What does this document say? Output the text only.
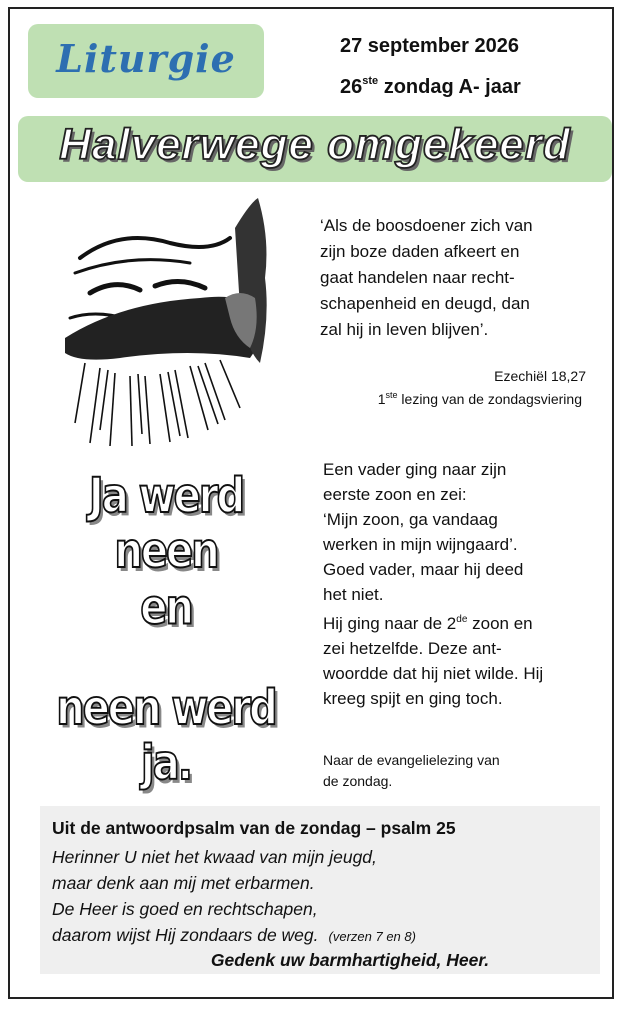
Liturgie	27 september 2026
26ste zondag A- jaar
Halverwege omgekeerd
‘Als de boosdoener zich van
zijn boze daden afkeert en
gaat handelen naar recht-
schapenheid en deugd, dan
zal hij in leven blijven’.
Ezechiël 18,27
1ste lezing van de zondagsviering
Ja werd neen
en
neen werd ja.
Een vader ging naar zijn
eerste zoon en zei:
‘Mijn zoon, ga vandaag
werken in mijn wijngaard’.
Goed vader, maar hij deed
het niet.
Hij ging naar de 2de zoon en
zei hetzelfde. Deze ant-
woordde dat hij niet wilde. Hij
kreeg spijt en ging toch.
Naar de evangelielezing van
de zondag.
Uit de antwoordpsalm van de zondag – psalm 25
Herinner U niet het kwaad van mijn jeugd,
maar denk aan mij met erbarmen.
De Heer is goed en rechtschapen,
daarom wijst Hij zondaars de weg. (verzen 7 en 8)
Gedenk uw barmhartigheid, Heer.
